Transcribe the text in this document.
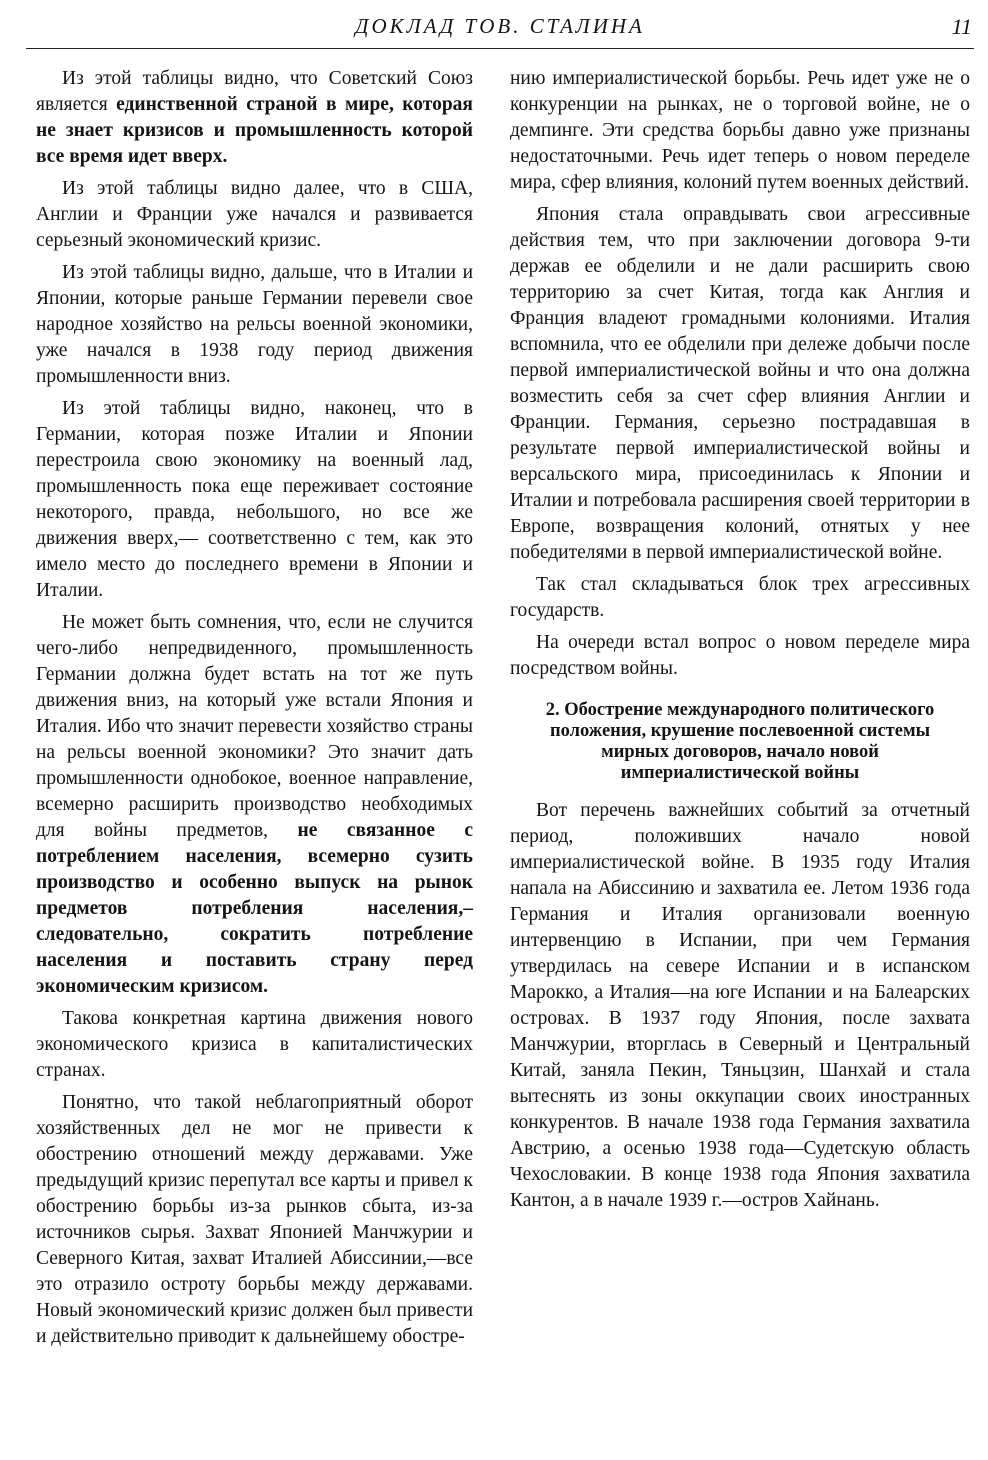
ДОКЛАД ТОВ. СТАЛИНА	11

Из этой таблицы видно, что Советский Союз является единственной страной в мире, которая не знает кризисов и промышленность которой все время идет вверх.

Из этой таблицы видно далее, что в США, Англии и Франции уже начался и развивается серьезный экономический кризис.

Из этой таблицы видно, дальше, что в Италии и Японии, которые раньше Германии перевели свое народное хозяйство на рельсы военной экономики, уже начался в 1938 году период движения промышленности вниз.

Из этой таблицы видно, наконец, что в Германии, которая позже Италии и Японии перестроила свою экономику на военный лад, промышленность пока еще переживает состояние некоторого, правда, небольшого, но все же движения вверх,— соответственно с тем, как это имело место до последнего времени в Японии и Италии.

Не может быть сомнения, что, если не случится чего-либо непредвиденного, промышленность Германии должна будет встать на тот же путь движения вниз, на который уже встали Япония и Италия. Ибо что значит перевести хозяйство страны на рельсы военной экономики? Это значит дать промышленности однобокое, военное направление, всемерно расширить производство необходимых для войны предметов, не связанное с потреблением населения, всемерно сузить производство и особенно выпуск на рынок предметов потребления населения,– следовательно, сократить потребление населения и поставить страну перед экономическим кризисом.

Такова конкретная картина движения нового экономического кризиса в капиталистических странах.

Понятно, что такой неблагоприятный оборот хозяйственных дел не мог не привести к обострению отношений между державами. Уже предыдущий кризис перепутал все карты и привел к обострению борьбы из-за рынков сбыта, из-за источников сырья. Захват Японией Манчжурии и Северного Китая, захват Италией Абиссинии,—все это отразило остроту борьбы между державами. Новый экономический кризис должен был привести и действительно приводит к дальнейшему обостре-

нию империалистической борьбы. Речь идет уже не о конкуренции на рынках, не о торговой войне, не о демпинге. Эти средства борьбы давно уже признаны недостаточными. Речь идет теперь о новом переделе мира, сфер влияния, колоний путем военных действий.

Япония стала оправдывать свои агрессивные действия тем, что при заключении договора 9-ти держав ее обделили и не дали расширить свою территорию за счет Китая, тогда как Англия и Франция владеют громадными колониями. Италия вспомнила, что ее обделили при дележе добычи после первой империалистической войны и что она должна возместить себя за счет сфер влияния Англии и Франции. Германия, серьезно пострадавшая в результате первой империалистической войны и версальского мира, присоединилась к Японии и Италии и потребовала расширения своей территории в Европе, возвращения колоний, отнятых у нее победителями в первой империалистической войне.

Так стал складываться блок трех агрессивных государств.

На очереди встал вопрос о новом переделе мира посредством войны.

2. Обострение международного политического положения, крушение послевоенной системы мирных договоров, начало новой империалистической войны

Вот перечень важнейших событий за отчетный период, положивших начало новой империалистической войне. В 1935 году Италия напала на Абиссинию и захватила ее. Летом 1936 года Германия и Италия организовали военную интервенцию в Испании, при чем Германия утвердилась на севере Испании и в испанском Марокко, а Италия—на юге Испании и на Балеарских островах. В 1937 году Япония, после захвата Манчжурии, вторглась в Северный и Центральный Китай, заняла Пекин, Тяньцзин, Шанхай и стала вытеснять из зоны оккупации своих иностранных конкурентов. В начале 1938 года Германия захватила Австрию, а осенью 1938 года—Судетскую область Чехословакии. В конце 1938 года Япония захватила Кантон, а в начале 1939 г.—остров Хайнань.
